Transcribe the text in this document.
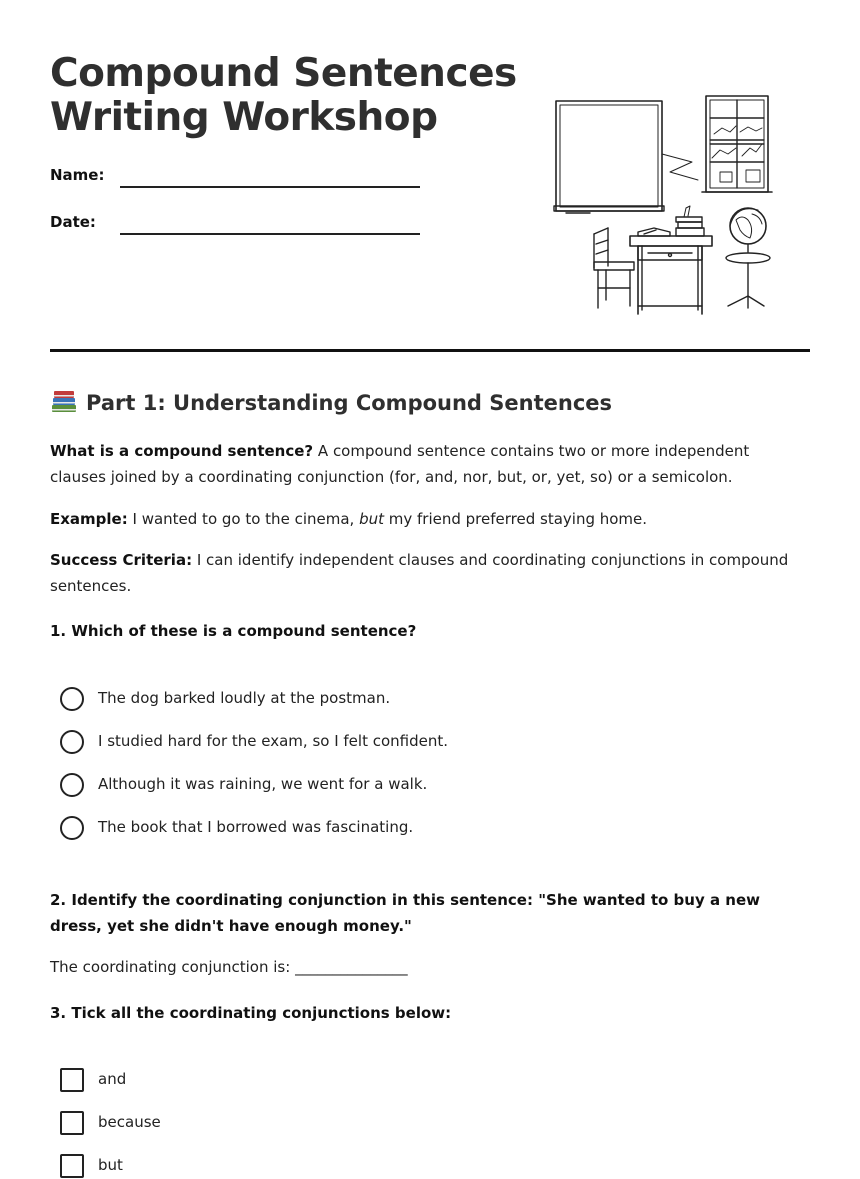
Compound Sentences
Writing Workshop
Name:
Date:
Part 1: Understanding Compound Sentences

What is a compound sentence? A compound sentence contains two or more independent clauses joined by a coordinating conjunction (for, and, nor, but, or, yet, so) or a semicolon.

Example: I wanted to go to the cinema, but my friend preferred staying home.

Success Criteria: I can identify independent clauses and coordinating conjunctions in compound sentences.

1. Which of these is a compound sentence?

The dog barked loudly at the postman.
I studied hard for the exam, so I felt confident.
Although it was raining, we went for a walk.
The book that I borrowed was fascinating.

2. Identify the coordinating conjunction in this sentence: "She wanted to buy a new dress, yet she didn't have enough money."

The coordinating conjunction is: _______________

3. Tick all the coordinating conjunctions below:

and
because
but
